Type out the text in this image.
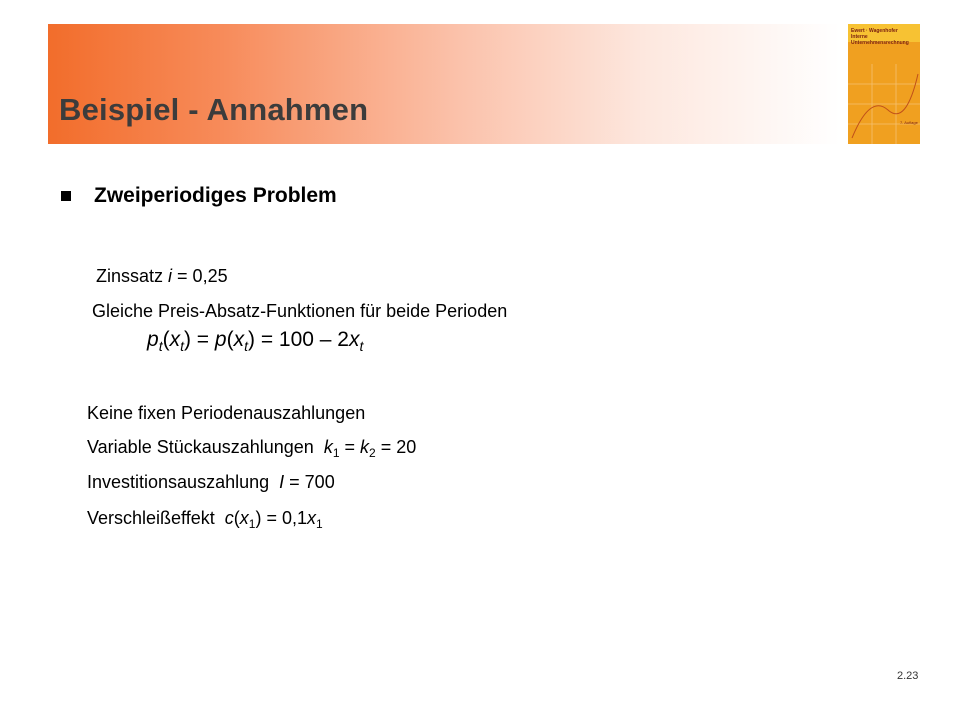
Beispiel - Annahmen
Ewert · Wagenhofer
Interne
Unternehmensrechnung
7. Auflage
Zweiperiodiges Problem
Zinssatz i = 0,25
Gleiche Preis-Absatz-Funktionen für beide Perioden
$p_t(x_t) = p(x_t) = 100 - 2x_t$
Keine fixen Periodenauszahlungen
Variable Stückauszahlungen $k_1 = k_2 = 20$
Investitionsauszahlung I = 700
Verschleißeffekt $c(x_1) = 0,1x_1$
2.23
